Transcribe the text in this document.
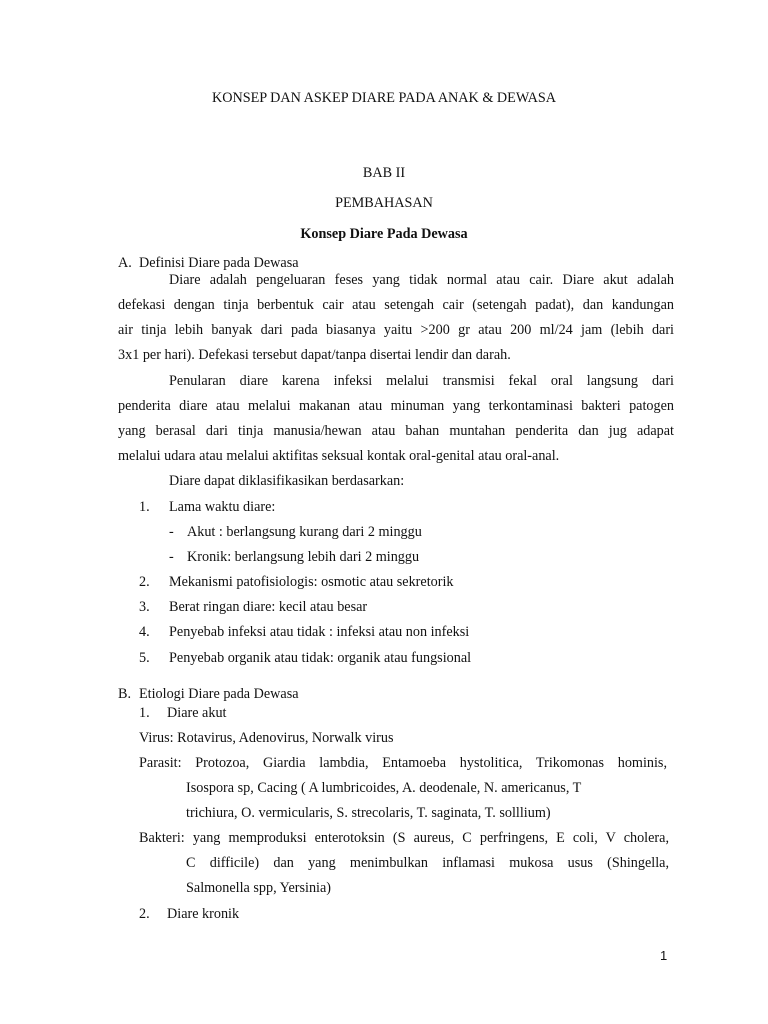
KONSEP DAN ASKEP DIARE PADA ANAK & DEWASA
BAB II
PEMBAHASAN
Konsep Diare Pada Dewasa
A. Definisi Diare pada Dewasa
Diare adalah pengeluaran feses yang tidak normal atau cair. Diare akut adalah
defekasi dengan tinja berbentuk cair atau setengah cair (setengah padat), dan kandungan
air tinja lebih banyak dari pada biasanya yaitu >200 gr atau 200 ml/24 jam (lebih dari
3x1 per hari). Defekasi tersebut dapat/tanpa disertai lendir dan darah.
Penularan diare karena infeksi melalui transmisi fekal oral langsung dari
penderita diare atau melalui makanan atau minuman yang terkontaminasi bakteri patogen
yang berasal dari tinja manusia/hewan atau bahan muntahan penderita dan jug adapat
melalui udara atau melalui aktifitas seksual kontak oral-genital atau oral-anal.
Diare dapat diklasifikasikan berdasarkan:
1. Lama waktu diare:
- Akut : berlangsung kurang dari 2 minggu
- Kronik: berlangsung lebih dari 2 minggu
2. Mekanismi patofisiologis: osmotic atau sekretorik
3. Berat ringan diare: kecil atau besar
4. Penyebab infeksi atau tidak : infeksi atau non infeksi
5. Penyebab organik atau tidak: organik atau fungsional
B. Etiologi Diare pada Dewasa
1. Diare akut
Virus: Rotavirus, Adenovirus, Norwalk virus
Parasit: Protozoa, Giardia lambdia, Entamoeba hystolitica, Trikomonas hominis,
Isospora sp, Cacing ( A lumbricoides, A. deodenale, N. americanus, T
trichiura, O. vermicularis, S. strecolaris, T. saginata, T. solllium)
Bakteri: yang memproduksi enterotoksin (S aureus, C perfringens, E coli, V cholera,
C difficile) dan yang menimbulkan inflamasi mukosa usus (Shingella,
Salmonella spp, Yersinia)
2. Diare kronik
1
